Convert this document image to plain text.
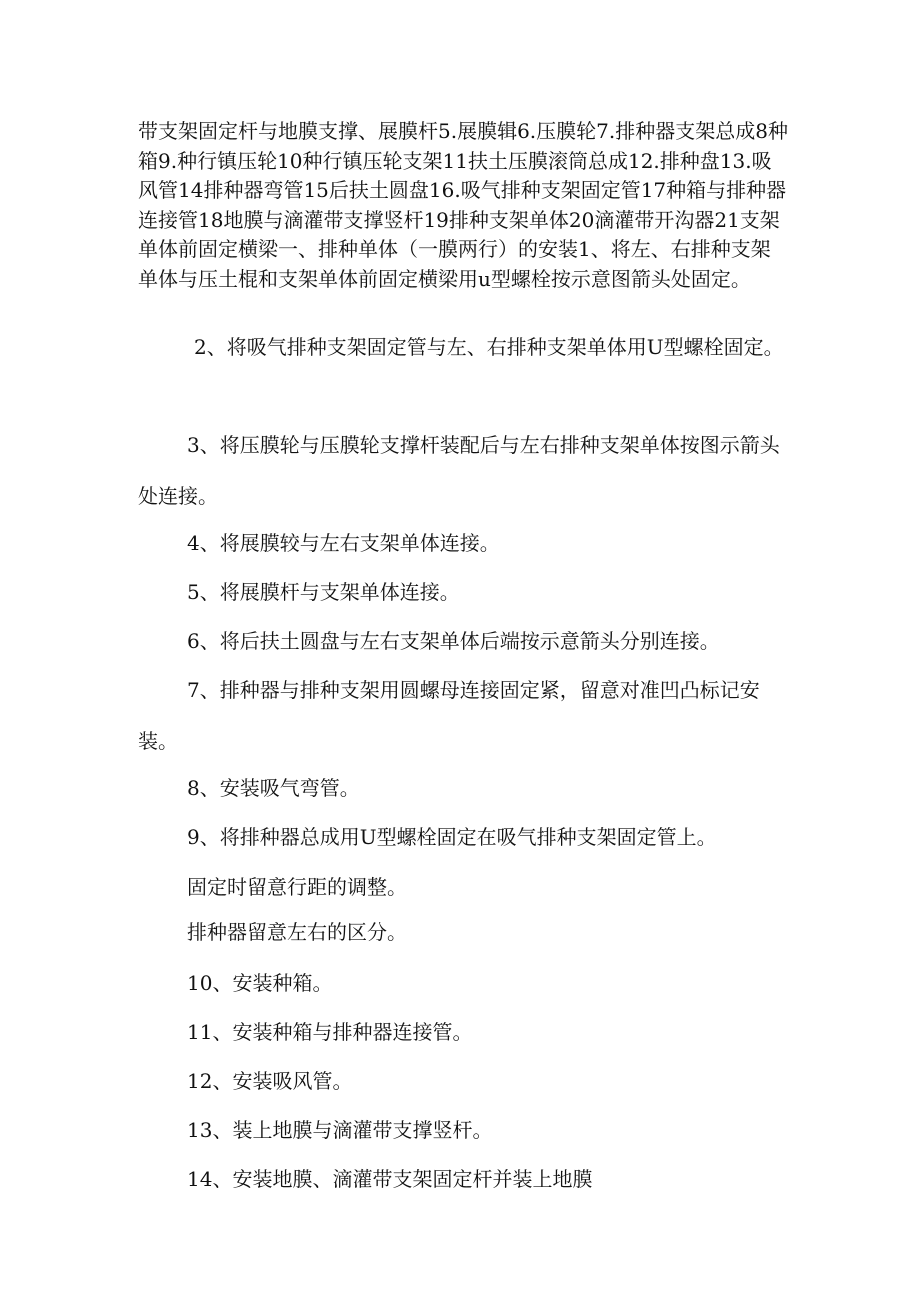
带支架固定杆与地膜支撑、展膜杆5.展膜辑6.压膜轮7.排种器支架总成8种箱9.种行镇压轮10种行镇压轮支架11扶土压膜滚筒总成12.排种盘13.吸风管14排种器弯管15后扶土圆盘16.吸气排种支架固定管17种箱与排种器连接管18地膜与滴灌带支撑竖杆19排种支架单体20滴灌带开沟器21支架单体前固定横梁一、排种单体（一膜两行）的安装1、将左、右排种支架单体与压土棍和支架单体前固定横梁用u型螺栓按示意图箭头处固定。

2、将吸气排种支架固定管与左、右排种支架单体用U型螺栓固定。

3、将压膜轮与压膜轮支撑杆装配后与左右排种支架单体按图示箭头处连接。

4、将展膜较与左右支架单体连接。

5、将展膜杆与支架单体连接。

6、将后扶土圆盘与左右支架单体后端按示意箭头分别连接。

7、排种器与排种支架用圆螺母连接固定紧，留意对准凹凸标记安装。

8、安装吸气弯管。

9、将排种器总成用U型螺栓固定在吸气排种支架固定管上。

固定时留意行距的调整。

排种器留意左右的区分。

10、安装种箱。

11、安装种箱与排种器连接管。

12、安装吸风管。

13、装上地膜与滴灌带支撑竖杆。

14、安装地膜、滴灌带支架固定杆并装上地膜
